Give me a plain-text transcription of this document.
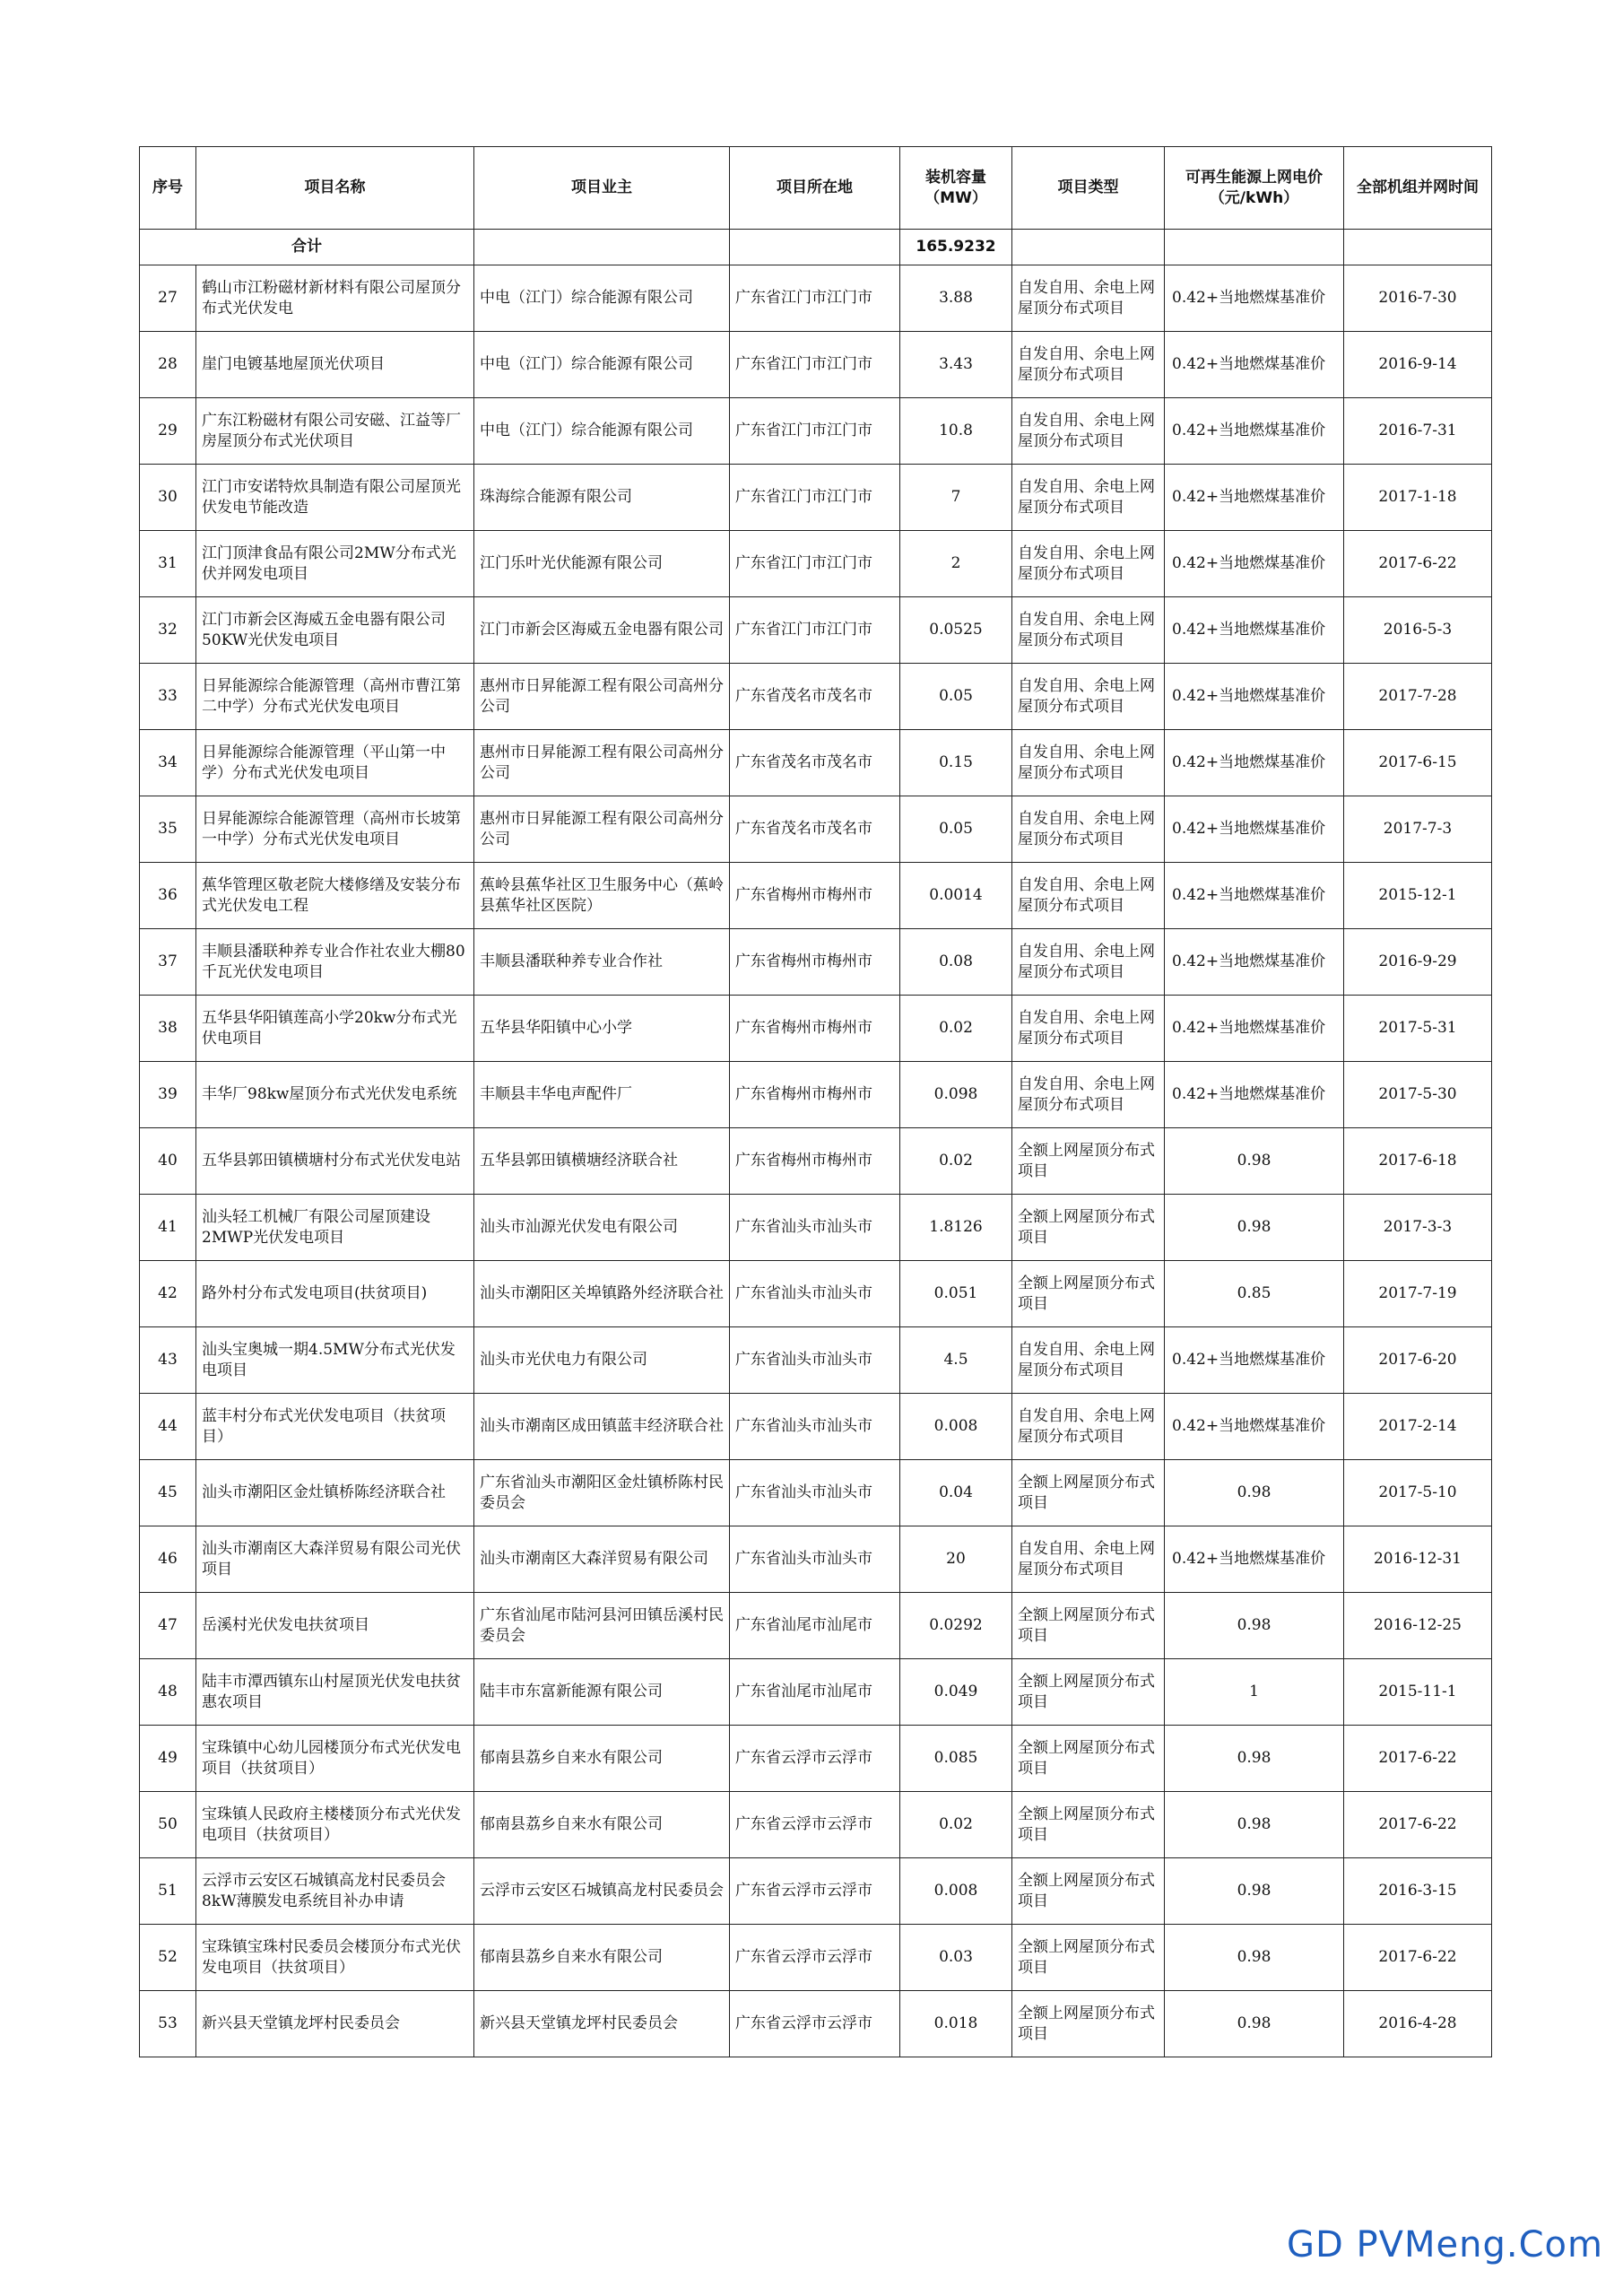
序号	项目名称	项目业主	项目所在地	装机容量（MW）	项目类型	可再生能源上网电价（元/kWh）	全部机组并网时间
合计				165.9232			
27	鹤山市江粉磁材新材料有限公司屋顶分布式光伏发电	中电（江门）综合能源有限公司	广东省江门市江门市	3.88	自发自用、余电上网屋顶分布式项目	0.42+当地燃煤基准价	2016-7-30
28	崖门电镀基地屋顶光伏项目	中电（江门）综合能源有限公司	广东省江门市江门市	3.43	自发自用、余电上网屋顶分布式项目	0.42+当地燃煤基准价	2016-9-14
29	广东江粉磁材有限公司安磁、江益等厂房屋顶分布式光伏项目	中电（江门）综合能源有限公司	广东省江门市江门市	10.8	自发自用、余电上网屋顶分布式项目	0.42+当地燃煤基准价	2016-7-31
30	江门市安诺特炊具制造有限公司屋顶光伏发电节能改造	珠海综合能源有限公司	广东省江门市江门市	7	自发自用、余电上网屋顶分布式项目	0.42+当地燃煤基准价	2017-1-18
31	江门顶津食品有限公司2MW分布式光伏并网发电项目	江门乐叶光伏能源有限公司	广东省江门市江门市	2	自发自用、余电上网屋顶分布式项目	0.42+当地燃煤基准价	2017-6-22
32	江门市新会区海威五金电器有限公司50KW光伏发电项目	江门市新会区海威五金电器有限公司	广东省江门市江门市	0.0525	自发自用、余电上网屋顶分布式项目	0.42+当地燃煤基准价	2016-5-3
33	日昇能源综合能源管理（高州市曹江第二中学）分布式光伏发电项目	惠州市日昇能源工程有限公司高州分公司	广东省茂名市茂名市	0.05	自发自用、余电上网屋顶分布式项目	0.42+当地燃煤基准价	2017-7-28
34	日昇能源综合能源管理（平山第一中学）分布式光伏发电项目	惠州市日昇能源工程有限公司高州分公司	广东省茂名市茂名市	0.15	自发自用、余电上网屋顶分布式项目	0.42+当地燃煤基准价	2017-6-15
35	日昇能源综合能源管理（高州市长坡第一中学）分布式光伏发电项目	惠州市日昇能源工程有限公司高州分公司	广东省茂名市茂名市	0.05	自发自用、余电上网屋顶分布式项目	0.42+当地燃煤基准价	2017-7-3
36	蕉华管理区敬老院大楼修缮及安装分布式光伏发电工程	蕉岭县蕉华社区卫生服务中心（蕉岭县蕉华社区医院）	广东省梅州市梅州市	0.0014	自发自用、余电上网屋顶分布式项目	0.42+当地燃煤基准价	2015-12-1
37	丰顺县潘联种养专业合作社农业大棚80千瓦光伏发电项目	丰顺县潘联种养专业合作社	广东省梅州市梅州市	0.08	自发自用、余电上网屋顶分布式项目	0.42+当地燃煤基准价	2016-9-29
38	五华县华阳镇莲高小学20kw分布式光伏电项目	五华县华阳镇中心小学	广东省梅州市梅州市	0.02	自发自用、余电上网屋顶分布式项目	0.42+当地燃煤基准价	2017-5-31
39	丰华厂98kw屋顶分布式光伏发电系统	丰顺县丰华电声配件厂	广东省梅州市梅州市	0.098	自发自用、余电上网屋顶分布式项目	0.42+当地燃煤基准价	2017-5-30
40	五华县郭田镇横塘村分布式光伏发电站	五华县郭田镇横塘经济联合社	广东省梅州市梅州市	0.02	全额上网屋顶分布式项目	0.98	2017-6-18
41	汕头轻工机械厂有限公司屋顶建设2MWP光伏发电项目	汕头市汕源光伏发电有限公司	广东省汕头市汕头市	1.8126	全额上网屋顶分布式项目	0.98	2017-3-3
42	路外村分布式发电项目(扶贫项目)	汕头市潮阳区关埠镇路外经济联合社	广东省汕头市汕头市	0.051	全额上网屋顶分布式项目	0.85	2017-7-19
43	汕头宝奥城一期4.5MW分布式光伏发电项目	汕头市光伏电力有限公司	广东省汕头市汕头市	4.5	自发自用、余电上网屋顶分布式项目	0.42+当地燃煤基准价	2017-6-20
44	蓝丰村分布式光伏发电项目（扶贫项目）	汕头市潮南区成田镇蓝丰经济联合社	广东省汕头市汕头市	0.008	自发自用、余电上网屋顶分布式项目	0.42+当地燃煤基准价	2017-2-14
45	汕头市潮阳区金灶镇桥陈经济联合社	广东省汕头市潮阳区金灶镇桥陈村民委员会	广东省汕头市汕头市	0.04	全额上网屋顶分布式项目	0.98	2017-5-10
46	汕头市潮南区大森洋贸易有限公司光伏项目	汕头市潮南区大森洋贸易有限公司	广东省汕头市汕头市	20	自发自用、余电上网屋顶分布式项目	0.42+当地燃煤基准价	2016-12-31
47	岳溪村光伏发电扶贫项目	广东省汕尾市陆河县河田镇岳溪村民委员会	广东省汕尾市汕尾市	0.0292	全额上网屋顶分布式项目	0.98	2016-12-25
48	陆丰市潭西镇东山村屋顶光伏发电扶贫惠农项目	陆丰市东富新能源有限公司	广东省汕尾市汕尾市	0.049	全额上网屋顶分布式项目	1	2015-11-1
49	宝珠镇中心幼儿园楼顶分布式光伏发电项目（扶贫项目）	郁南县荔乡自来水有限公司	广东省云浮市云浮市	0.085	全额上网屋顶分布式项目	0.98	2017-6-22
50	宝珠镇人民政府主楼楼顶分布式光伏发电项目（扶贫项目）	郁南县荔乡自来水有限公司	广东省云浮市云浮市	0.02	全额上网屋顶分布式项目	0.98	2017-6-22
51	云浮市云安区石城镇高龙村民委员会8kW薄膜发电系统目补办申请	云浮市云安区石城镇高龙村民委员会	广东省云浮市云浮市	0.008	全额上网屋顶分布式项目	0.98	2016-3-15
52	宝珠镇宝珠村民委员会楼顶分布式光伏发电项目（扶贫项目）	郁南县荔乡自来水有限公司	广东省云浮市云浮市	0.03	全额上网屋顶分布式项目	0.98	2017-6-22
53	新兴县天堂镇龙坪村民委员会	新兴县天堂镇龙坪村民委员会	广东省云浮市云浮市	0.018	全额上网屋顶分布式项目	0.98	2016-4-28
GD PVMeng.Com
